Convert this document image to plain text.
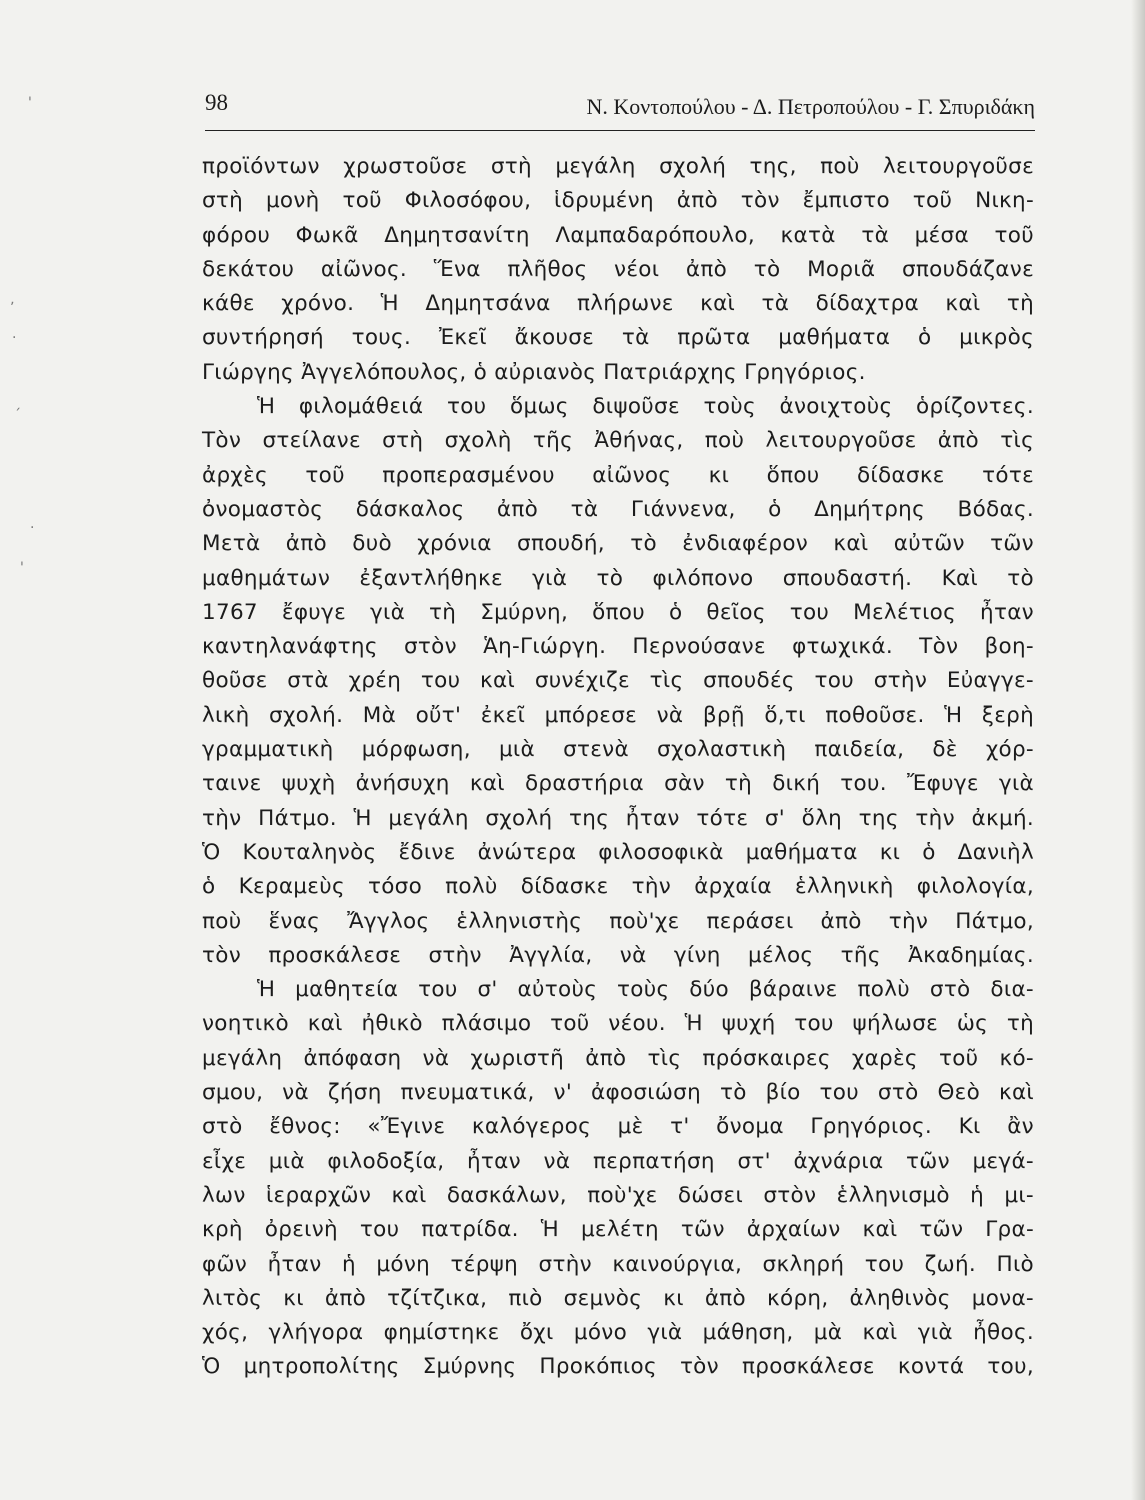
'
ʼ
·
ˏ
·
'
98	Ν. Κοντοπούλου - Δ. Πετροπούλου - Γ. Σπυριδάκη
προϊόντων χρωστοῦσε στὴ μεγάλη σχολή της, ποὺ λειτουργοῦσε
στὴ μονὴ τοῦ Φιλοσόφου, ἱδρυμένη ἀπὸ τὸν ἔμπιστο τοῦ Νικη-
φόρου Φωκᾶ Δημητσανίτη Λαμπαδαρόπουλο, κατὰ τὰ μέσα τοῦ
δεκάτου αἰῶνος. Ἕνα πλῆθος νέοι ἀπὸ τὸ Μοριᾶ σπουδάζανε
κάθε χρόνο. Ἡ Δημητσάνα πλήρωνε καὶ τὰ δίδαχτρα καὶ τὴ
συντήρησή τους. Ἐκεῖ ἄκουσε τὰ πρῶτα μαθήματα ὁ μικρὸς
Γιώργης Ἀγγελόπουλος, ὁ αὐριανὸς Πατριάρχης Γρηγόριος.
Ἡ φιλομάθειά του ὅμως διψοῦσε τοὺς ἀνοιχτοὺς ὁρίζοντες.
Τὸν στείλανε στὴ σχολὴ τῆς Ἀθήνας, ποὺ λειτουργοῦσε ἀπὸ τὶς
ἀρχὲς τοῦ προπερασμένου αἰῶνος κι ὅπου δίδασκε τότε
ὀνομαστὸς δάσκαλος ἀπὸ τὰ Γιάννενα, ὁ Δημήτρης Βόδας.
Μετὰ ἀπὸ δυὸ χρόνια σπουδή, τὸ ἐνδιαφέρον καὶ αὐτῶν τῶν
μαθημάτων ἐξαντλήθηκε γιὰ τὸ φιλόπονο σπουδαστή. Καὶ τὸ
1767 ἔφυγε γιὰ τὴ Σμύρνη, ὅπου ὁ θεῖος του Μελέτιος ἦταν
καντηλανάφτης στὸν Ἁη-Γιώργη. Περνούσανε φτωχικά. Τὸν βοη-
θοῦσε στὰ χρέη του καὶ συνέχιζε τὶς σπουδές του στὴν Εὐαγγε-
λικὴ σχολή. Μὰ οὔτ' ἐκεῖ μπόρεσε νὰ βρῇ ὅ,τι ποθοῦσε. Ἡ ξερὴ
γραμματικὴ μόρφωση, μιὰ στενὰ σχολαστικὴ παιδεία, δὲ χόρ-
ταινε ψυχὴ ἀνήσυχη καὶ δραστήρια σὰν τὴ δική του. Ἔφυγε γιὰ
τὴν Πάτμο. Ἡ μεγάλη σχολή της ἦταν τότε σ' ὅλη της τὴν ἀκμή.
Ὁ Κουταληνὸς ἔδινε ἀνώτερα φιλοσοφικὰ μαθήματα κι ὁ Δανιὴλ
ὁ Κεραμεὺς τόσο πολὺ δίδασκε τὴν ἀρχαία ἑλληνικὴ φιλολογία,
ποὺ ἕνας Ἄγγλος ἑλληνιστὴς ποὺ'χε περάσει ἀπὸ τὴν Πάτμο,
τὸν προσκάλεσε στὴν Ἀγγλία, νὰ γίνη μέλος τῆς Ἀκαδημίας.
Ἡ μαθητεία του σ' αὐτοὺς τοὺς δύο βάραινε πολὺ στὸ δια-
νοητικὸ καὶ ἠθικὸ πλάσιμο τοῦ νέου. Ἡ ψυχή του ψήλωσε ὡς τὴ
μεγάλη ἀπόφαση νὰ χωριστῆ ἀπὸ τὶς πρόσκαιρες χαρὲς τοῦ κό-
σμου, νὰ ζήση πνευματικά, ν' ἀφοσιώση τὸ βίο του στὸ Θεὸ καὶ
στὸ ἔθνος: «Ἔγινε καλόγερος μὲ τ' ὄνομα Γρηγόριος. Κι ἂν
εἶχε μιὰ φιλοδοξία, ἦταν νὰ περπατήση στ' ἀχνάρια τῶν μεγά-
λων ἱεραρχῶν καὶ δασκάλων, ποὺ'χε δώσει στὸν ἑλληνισμὸ ἡ μι-
κρὴ ὀρεινὴ του πατρίδα. Ἡ μελέτη τῶν ἀρχαίων καὶ τῶν Γρα-
φῶν ἦταν ἡ μόνη τέρψη στὴν καινούργια, σκληρή του ζωή. Πιὸ
λιτὸς κι ἀπὸ τζίτζικα, πιὸ σεμνὸς κι ἀπὸ κόρη, ἀληθινὸς μονα-
χός, γλήγορα φημίστηκε ὄχι μόνο γιὰ μάθηση, μὰ καὶ γιὰ ἦθος.
Ὁ μητροπολίτης Σμύρνης Προκόπιος τὸν προσκάλεσε κοντά του,
